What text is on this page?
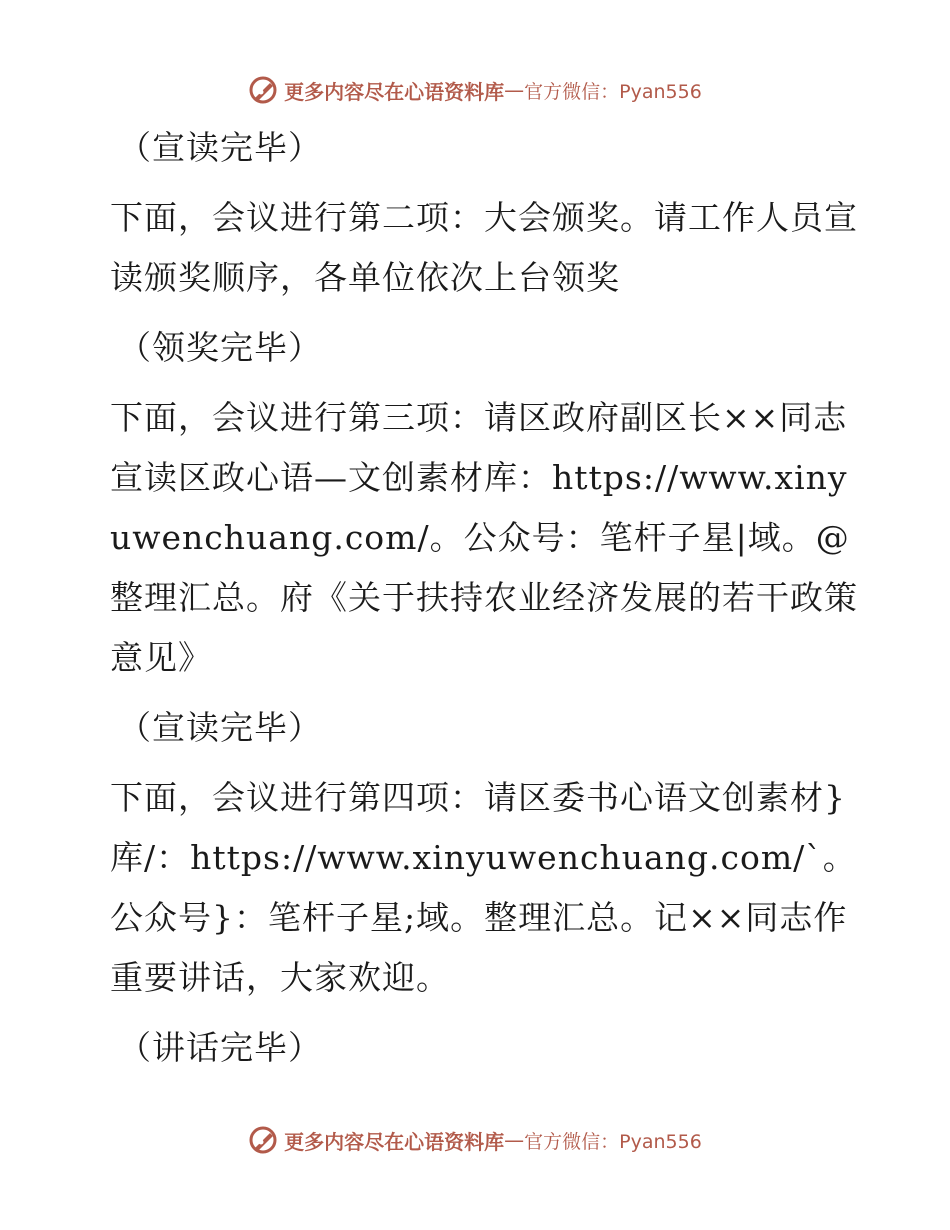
更多内容尽在心语资料库 — 官方微信：Pyan556

（宣读完毕）

下面，会议进行第二项：大会颁奖。请工作人员宣读颁奖顺序，各单位依次上台领奖

（领奖完毕）

下面，会议进行第三项：请区政府副区长××同志宣读区政心语—文创素材库：https://www.xinyuwenchuang.com/。公众号：笔杆子星|域。@整理汇总。府《关于扶持农业经济发展的若干政策意见》

（宣读完毕）

下面，会议进行第四项：请区委书心语文创素材}库/：https://www.xinyuwenchuang.com/`。公众号}：笔杆子星;域。整理汇总。记××同志作重要讲话，大家欢迎。

（讲话完毕）

更多内容尽在心语资料库 — 官方微信：Pyan556
